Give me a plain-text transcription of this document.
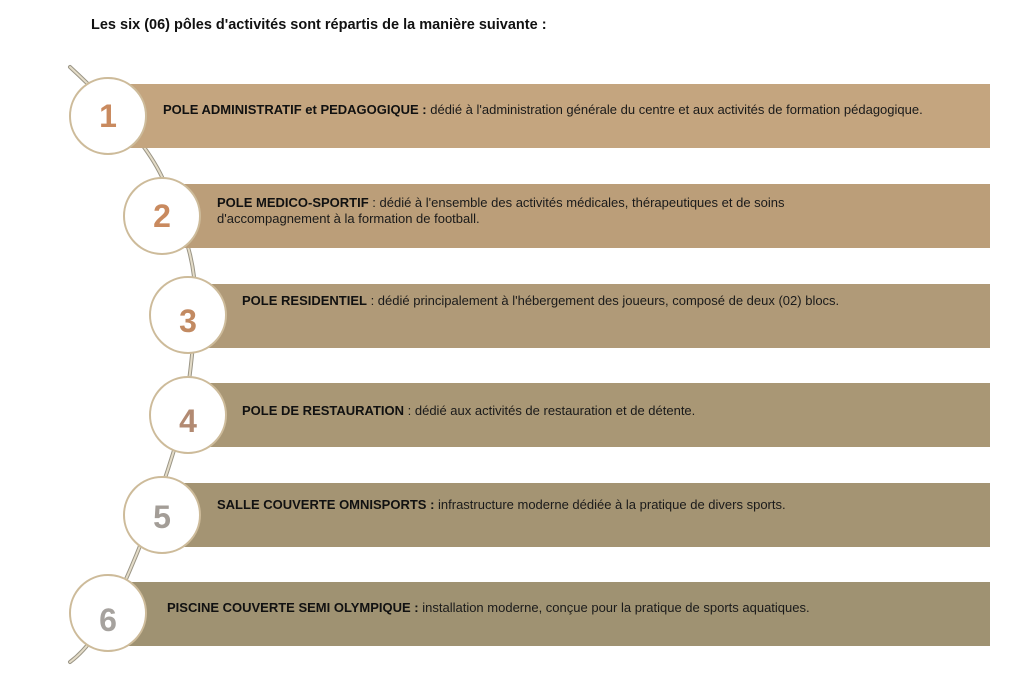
Les six (06) pôles d'activités sont répartis de la manière suivante :

POLE ADMINISTRATIF et PEDAGOGIQUE : dédié à l'administration générale du centre et aux activités de formation pédagogique.
1
POLE MEDICO-SPORTIF : dédié à l'ensemble des activités médicales, thérapeutiques et de soins d'accompagnement à la formation de football.
2
POLE RESIDENTIEL : dédié principalement à l'hébergement des joueurs, composé de deux (02) blocs.
3
POLE DE RESTAURATION : dédié aux activités de restauration et de détente.
4
SALLE COUVERTE OMNISPORTS : infrastructure moderne dédiée à la pratique de divers sports.
5
PISCINE COUVERTE SEMI OLYMPIQUE : installation moderne, conçue pour la pratique de sports aquatiques.
6
